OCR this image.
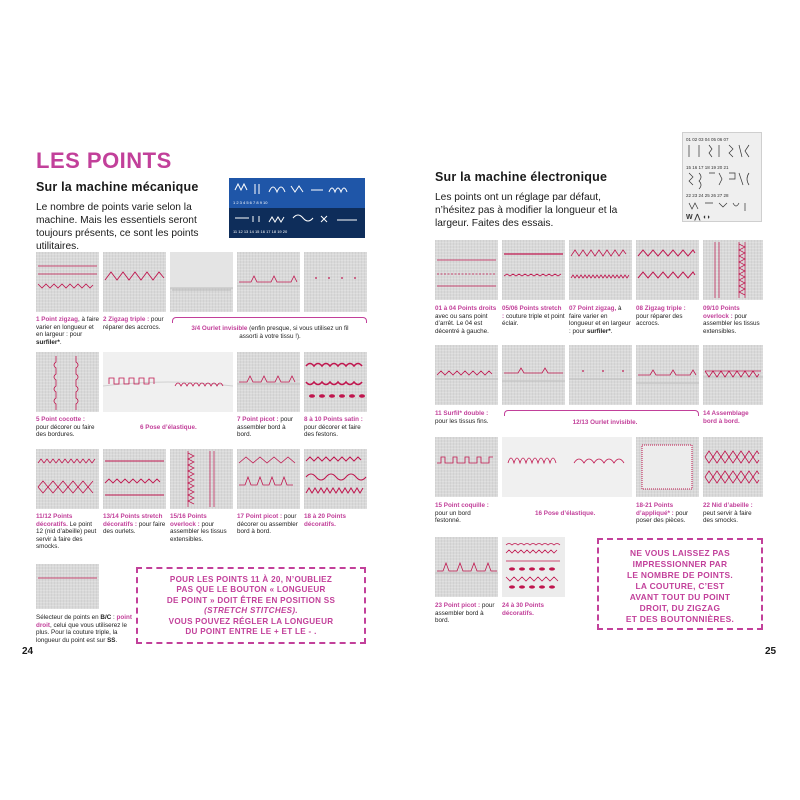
LES POINTS
Sur la machine mécanique
Le nombre de points varie selon la machine. Mais les essentiels seront toujours présents, ce sont les points utilitaires.
1 2 3 4 5 6 7 8 9 10
11 12 13 14 15 16 17 18 19 20
1 Point zigzag, à faire varier en longueur et en largeur : pour surfiler*.
2 Zigzag triple : pour réparer des accrocs.	3/4 Ourlet invisible (enfin presque, si vous utilisez un fil assorti à votre tissu !).
5 Point cocotte : pour décorer ou faire des bordures.
6 Pose d’élastique.
7 Point picot : pour assembler bord à bord.
8 à 10 Points satin : pour décorer et faire des festons.
11/12 Points décoratifs. Le point 12 (nid d’abeille) peut servir à faire des smocks.
13/14 Points stretch décoratifs : pour faire des ourlets.
15/16 Points overlock : pour assembler les tissus extensibles.
17 Point picot : pour décorer ou assembler bord à bord.
18 à 20 Points décoratifs.
Sélecteur de points en B/C : point droit, celui que vous utiliserez le plus. Pour la couture triple, la longueur du point est sur SS.
POUR LES POINTS 11 À 20, N’OUBLIEZ
PAS QUE LE BOUTON « LONGUEUR
DE POINT » DOIT ÊTRE EN POSITION SS
(STRETCH STITCHES).
VOUS POUVEZ RÉGLER LA LONGUEUR
DU POINT ENTRE LE + ET LE - .
24
Sur la machine électronique
Les points ont un réglage par défaut, n’hésitez pas à modifier la longueur et la largeur. Faites des essais.
01 02 03 04 05 06 07
15 16 17 18 19 20 21
22 23 24 25 26 27 28
W ⋀ ◖◗
01 à 04 Points droits avec ou sans point d’arrêt. Le 04 est décentré à gauche.
05/06 Points stretch : couture triple et point éclair.
07 Point zigzag, à faire varier en longueur et en largeur : pour surfiler*.
08 Zigzag triple : pour réparer des accrocs.
09/10 Points overlock : pour assembler les tissus extensibles.
11 Surfil* double : pour les tissus fins.	12/13 Ourlet invisible.
14 Assemblage bord à bord.
15 Point coquille : pour un bord festonné.
16 Pose d’élastique.
18-21 Points d’appliqué* : pour poser des pièces.
22 Nid d’abeille : peut servir à faire des smocks.
23 Point picot : pour assembler bord à bord.
24 à 30 Points décoratifs.
NE VOUS LAISSEZ PAS
IMPRESSIONNER PAR
LE NOMBRE DE POINTS.
LA COUTURE, C’EST
AVANT TOUT DU POINT
DROIT, DU ZIGZAG
ET DES BOUTONNIÈRES.
25
